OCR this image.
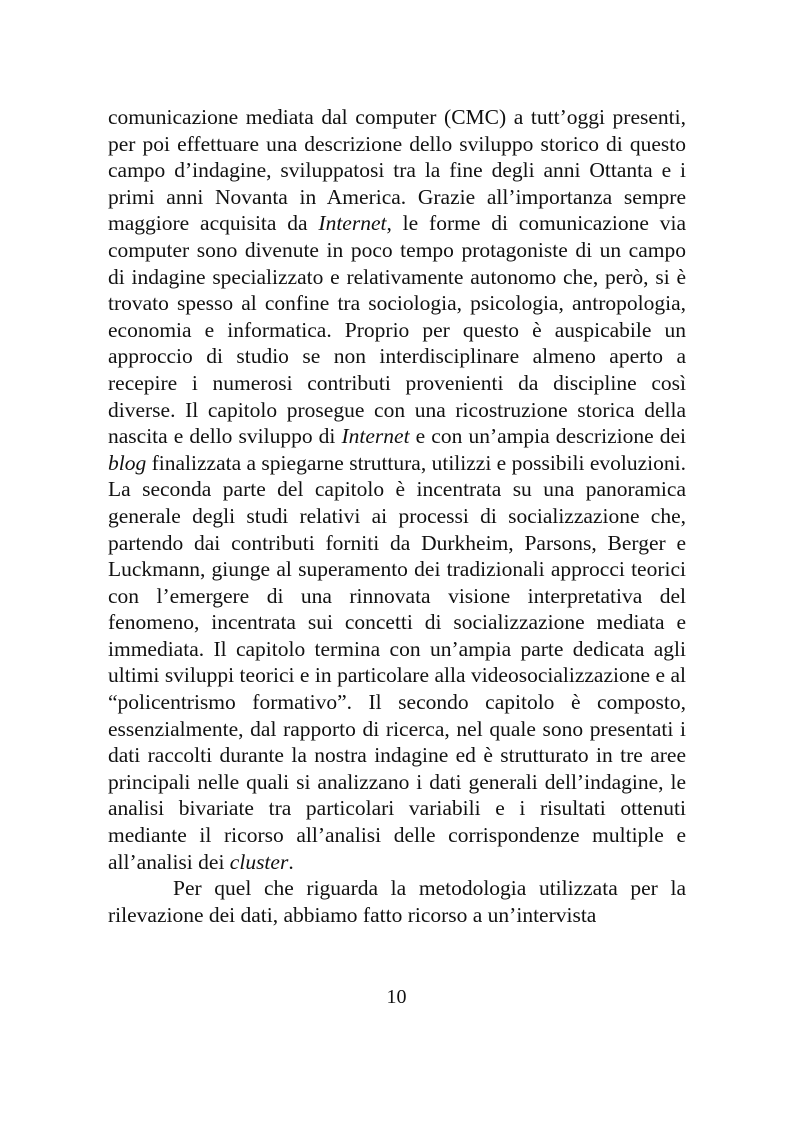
comunicazione mediata dal computer (CMC) a tutt’oggi presenti, per poi effettuare una descrizione dello sviluppo storico di questo campo d’indagine, sviluppatosi tra la fine degli anni Ottanta e i primi anni Novanta in America. Grazie all’importanza sempre maggiore acquisita da Internet, le forme di comunicazione via computer sono divenute in poco tempo protagoniste di un campo di indagine specializzato e relativamente autonomo che, però, si è trovato spesso al confine tra sociologia, psicologia, antropologia, economia e informatica. Proprio per questo è auspicabile un approccio di studio se non interdisciplinare almeno aperto a recepire i numerosi contributi provenienti da discipline così diverse. Il capitolo prosegue con una ricostruzione storica della nascita e dello sviluppo di Internet e con un’ampia descrizione dei blog finalizzata a spiegarne struttura, utilizzi e possibili evoluzioni. La seconda parte del capitolo è incentrata su una panoramica generale degli studi relativi ai processi di socializzazione che, partendo dai contributi forniti da Durkheim, Parsons, Berger e Luckmann, giunge al superamento dei tradizionali approcci teorici con l’emergere di una rinnovata visione interpretativa del fenomeno, incentrata sui concetti di socializzazione mediata e immediata. Il capitolo termina con un’ampia parte dedicata agli ultimi sviluppi teorici e in particolare alla videosocializzazione e al “policentrismo formativo”. Il secondo capitolo è composto, essenzialmente, dal rapporto di ricerca, nel quale sono presentati i dati raccolti durante la nostra indagine ed è strutturato in tre aree principali nelle quali si analizzano i dati generali dell’indagine, le analisi bivariate tra particolari variabili e i risultati ottenuti mediante il ricorso all’analisi delle corrispondenze multiple e all’analisi dei cluster.

Per quel che riguarda la metodologia utilizzata per la rilevazione dei dati, abbiamo fatto ricorso a un’intervista

10
